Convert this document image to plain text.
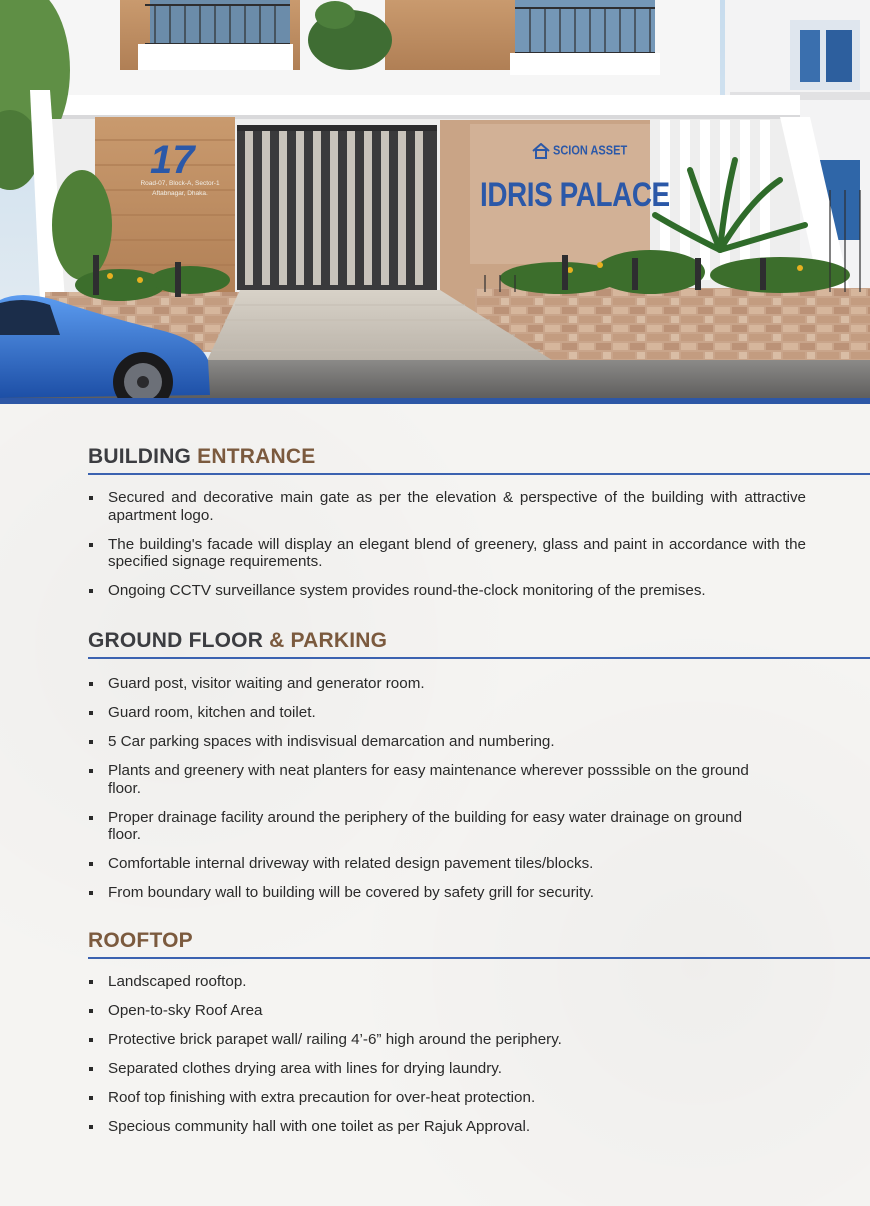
17
Road-07, Block-A, Sector-1
Aftabnagar, Dhaka.
SCION ASSET
IDRIS PALACE
BUILDING ENTRANCE
Secured and decorative main gate as per the elevation & perspective of the building with attractive apartment logo.
The building's facade will display an elegant blend of greenery, glass and paint in accordance with the specified signage requirements.
Ongoing CCTV surveillance system provides round-the-clock monitoring of the premises.
GROUND FLOOR & PARKING
Guard post, visitor waiting and generator room.
Guard room, kitchen and toilet.
5 Car parking spaces with indisvisual demarcation and numbering.
Plants and greenery with neat planters for easy maintenance wherever posssible on the ground floor.
Proper drainage facility around the periphery of the building for easy water drainage on ground floor.
Comfortable internal driveway with related design pavement tiles/blocks.
From boundary wall to building will be covered by safety grill for security.
ROOFTOP
Landscaped rooftop.
Open-to-sky Roof Area
Protective brick parapet wall/ railing 4’-6” high around the periphery.
Separated clothes drying area with lines for drying laundry.
Roof top finishing with extra precaution for over-heat protection.
Specious community hall with one toilet as per Rajuk Approval.
